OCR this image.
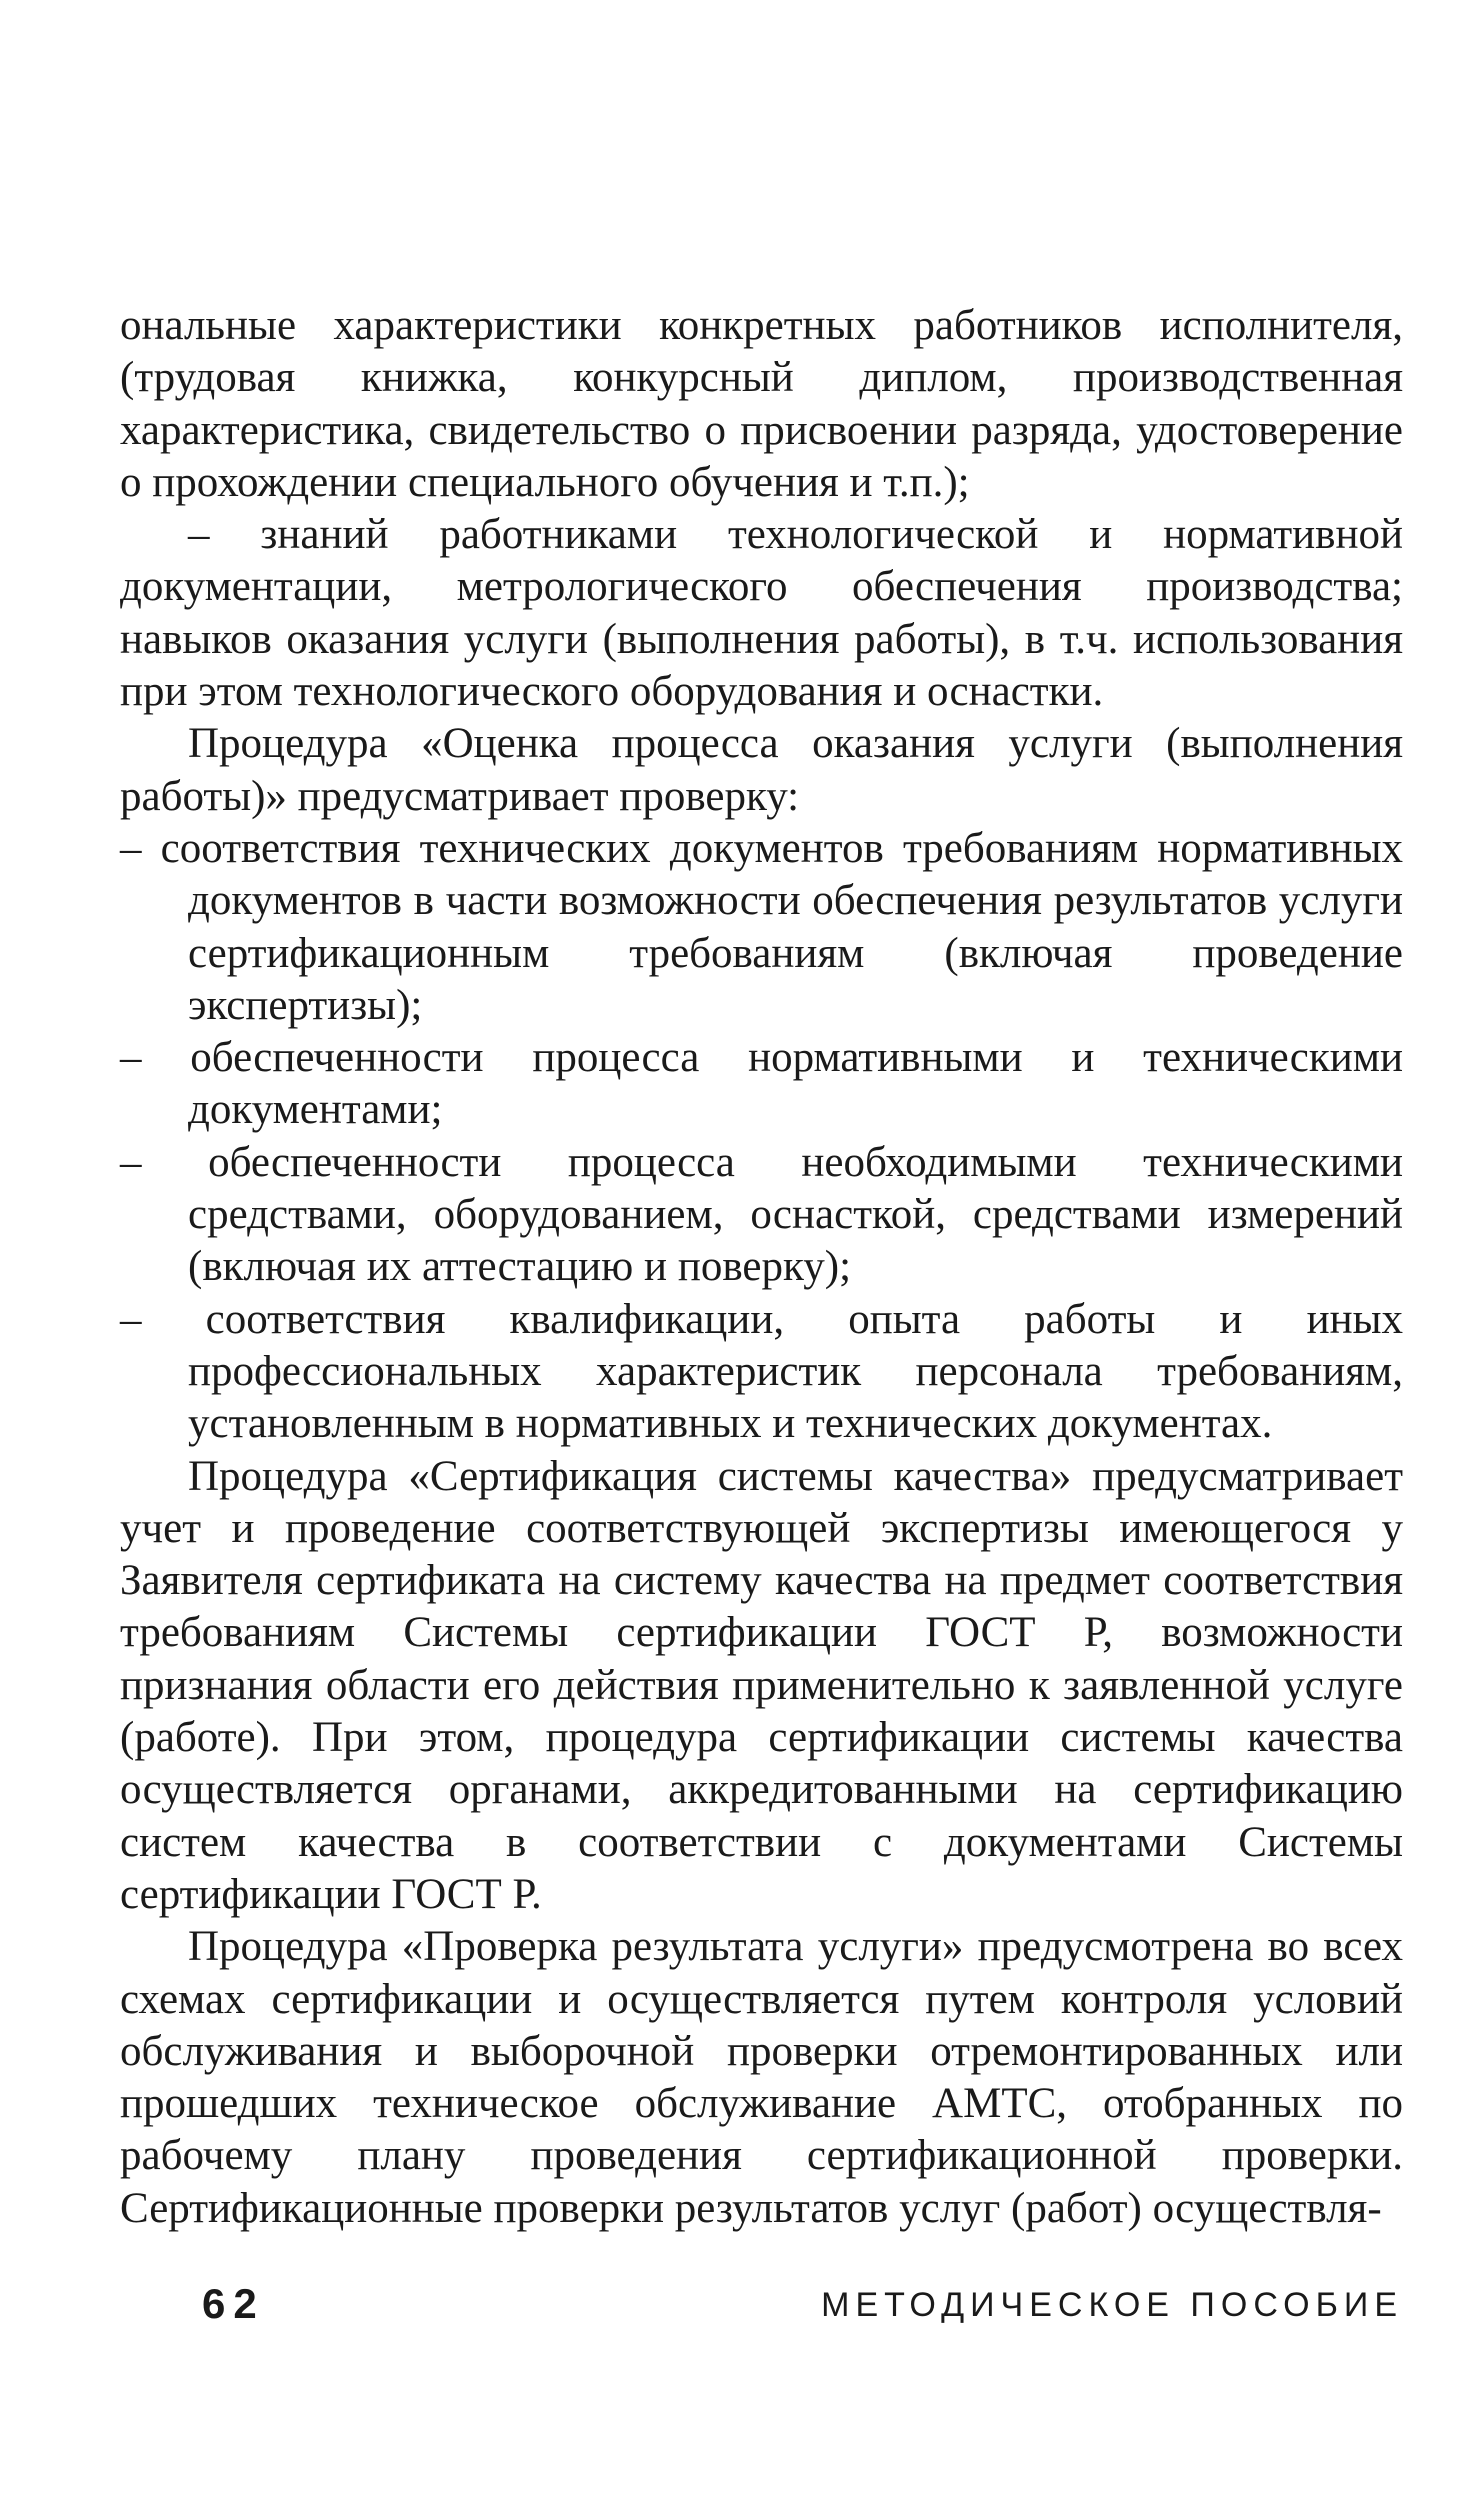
ональные характеристики конкретных работников исполнителя, (трудовая книжка, конкурсный диплом, производственная характеристика, свидетельство о присвоении разряда, удостоверение о прохождении специального обучения и т.п.);

– знаний работниками технологической и нормативной документации, метрологического обеспечения производства; навыков оказания услуги (выполнения работы), в т.ч. использования при этом технологического оборудования и оснастки.

Процедура «Оценка процесса оказания услуги (выполнения работы)» предусматривает проверку:

– соответствия технических документов требованиям нормативных документов в части возможности обеспечения результатов услуги сертификационным требованиям (включая проведение экспертизы);

– обеспеченности процесса нормативными и техническими документами;

– обеспеченности процесса необходимыми техническими средствами, оборудованием, оснасткой, средствами измерений (включая их аттестацию и поверку);

– соответствия квалификации, опыта работы и иных профессиональных характеристик персонала требованиям, установленным в нормативных и технических документах.

Процедура «Сертификация системы качества» предусматривает учет и проведение соответствующей экспертизы имеющегося у Заявителя сертификата на систему качества на предмет соответствия требованиям Системы сертификации ГОСТ Р, возможности признания области его действия применительно к заявленной услуге (работе). При этом, процедура сертификации системы качества осуществляется органами, аккредитованными на сертификацию систем качества в соответствии с документами Системы сертификации ГОСТ Р.

Процедура «Проверка результата услуги» предусмотрена во всех схемах сертификации и осуществляется путем контроля условий обслуживания и выборочной проверки отремонтированных или прошедших техническое обслуживание АМТС, отобранных по рабочему плану проведения сертификационной проверки. Сертификационные проверки результатов услуг (работ) осуществля-

62	МЕТОДИЧЕСКОЕ ПОСОБИЕ
